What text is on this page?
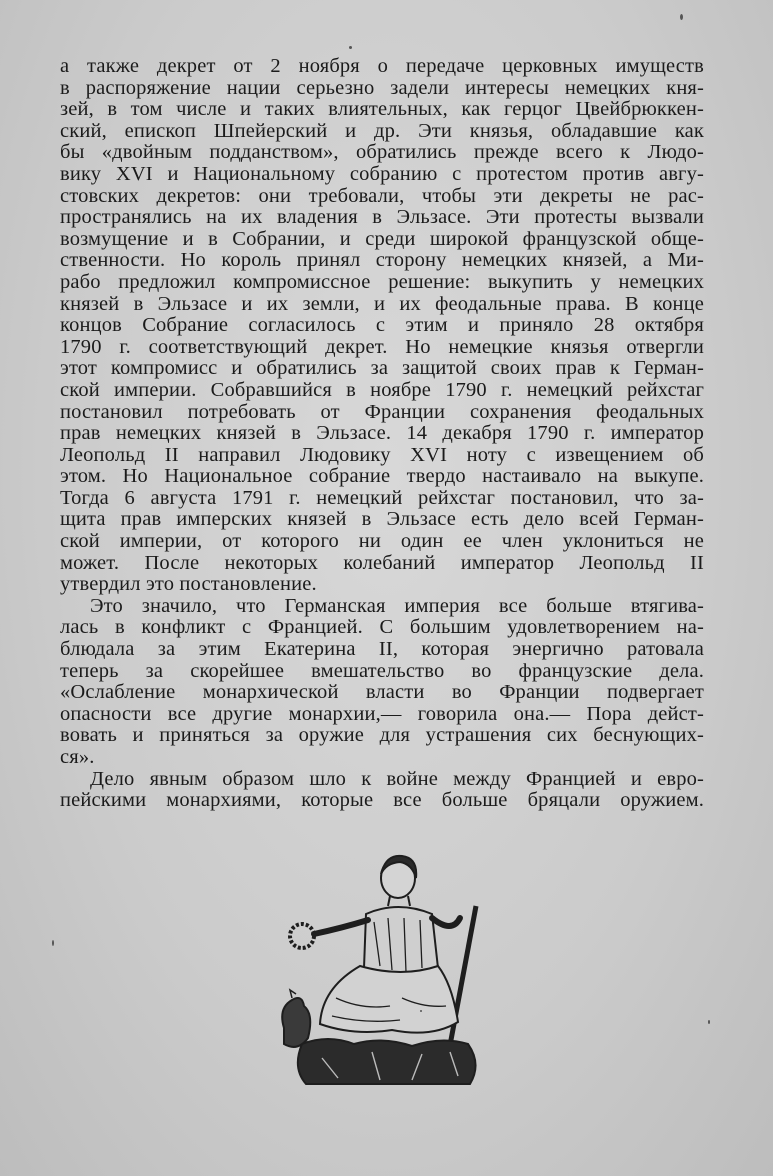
а также декрет от 2 ноября о передаче церковных имуществ
в распоряжение нации серьезно задели интересы немецких кня-
зей, в том числе и таких влиятельных, как герцог Цвейбрюккен-
ский, епископ Шпейерский и др. Эти князья, обладавшие как
бы «двойным подданством», обратились прежде всего к Людо-
вику XVI и Национальному собранию с протестом против авгу-
стовских декретов: они требовали, чтобы эти декреты не рас-
пространялись на их владения в Эльзасе. Эти протесты вызвали
возмущение и в Собрании, и среди широкой французской обще-
ственности. Но король принял сторону немецких князей, а Ми-
рабо предложил компромиссное решение: выкупить у немецких
князей в Эльзасе и их земли, и их феодальные права. В конце
концов Собрание согласилось с этим и приняло 28 октября
1790 г. соответствующий декрет. Но немецкие князья отвергли
этот компромисс и обратились за защитой своих прав к Герман-
ской империи. Собравшийся в ноябре 1790 г. немецкий рейхстаг
постановил потребовать от Франции сохранения феодальных
прав немецких князей в Эльзасе. 14 декабря 1790 г. император
Леопольд II направил Людовику XVI ноту с извещением об
этом. Но Национальное собрание твердо настаивало на выкупе.
Тогда 6 августа 1791 г. немецкий рейхстаг постановил, что за-
щита прав имперских князей в Эльзасе есть дело всей Герман-
ской империи, от которого ни один ее член уклониться не
может. После некоторых колебаний император Леопольд II
утвердил это постановление.
Это значило, что Германская империя все больше втягива-
лась в конфликт с Францией. С большим удовлетворением на-
блюдала за этим Екатерина II, которая энергично ратовала
теперь за скорейшее вмешательство во французские дела.
«Ослабление монархической власти во Франции подвергает
опасности все другие монархии,— говорила она.— Пора дейст-
вовать и приняться за оружие для устрашения сих беснующих-
ся».
Дело явным образом шло к войне между Францией и евро-
пейскими монархиями, которые все больше бряцали оружием.
